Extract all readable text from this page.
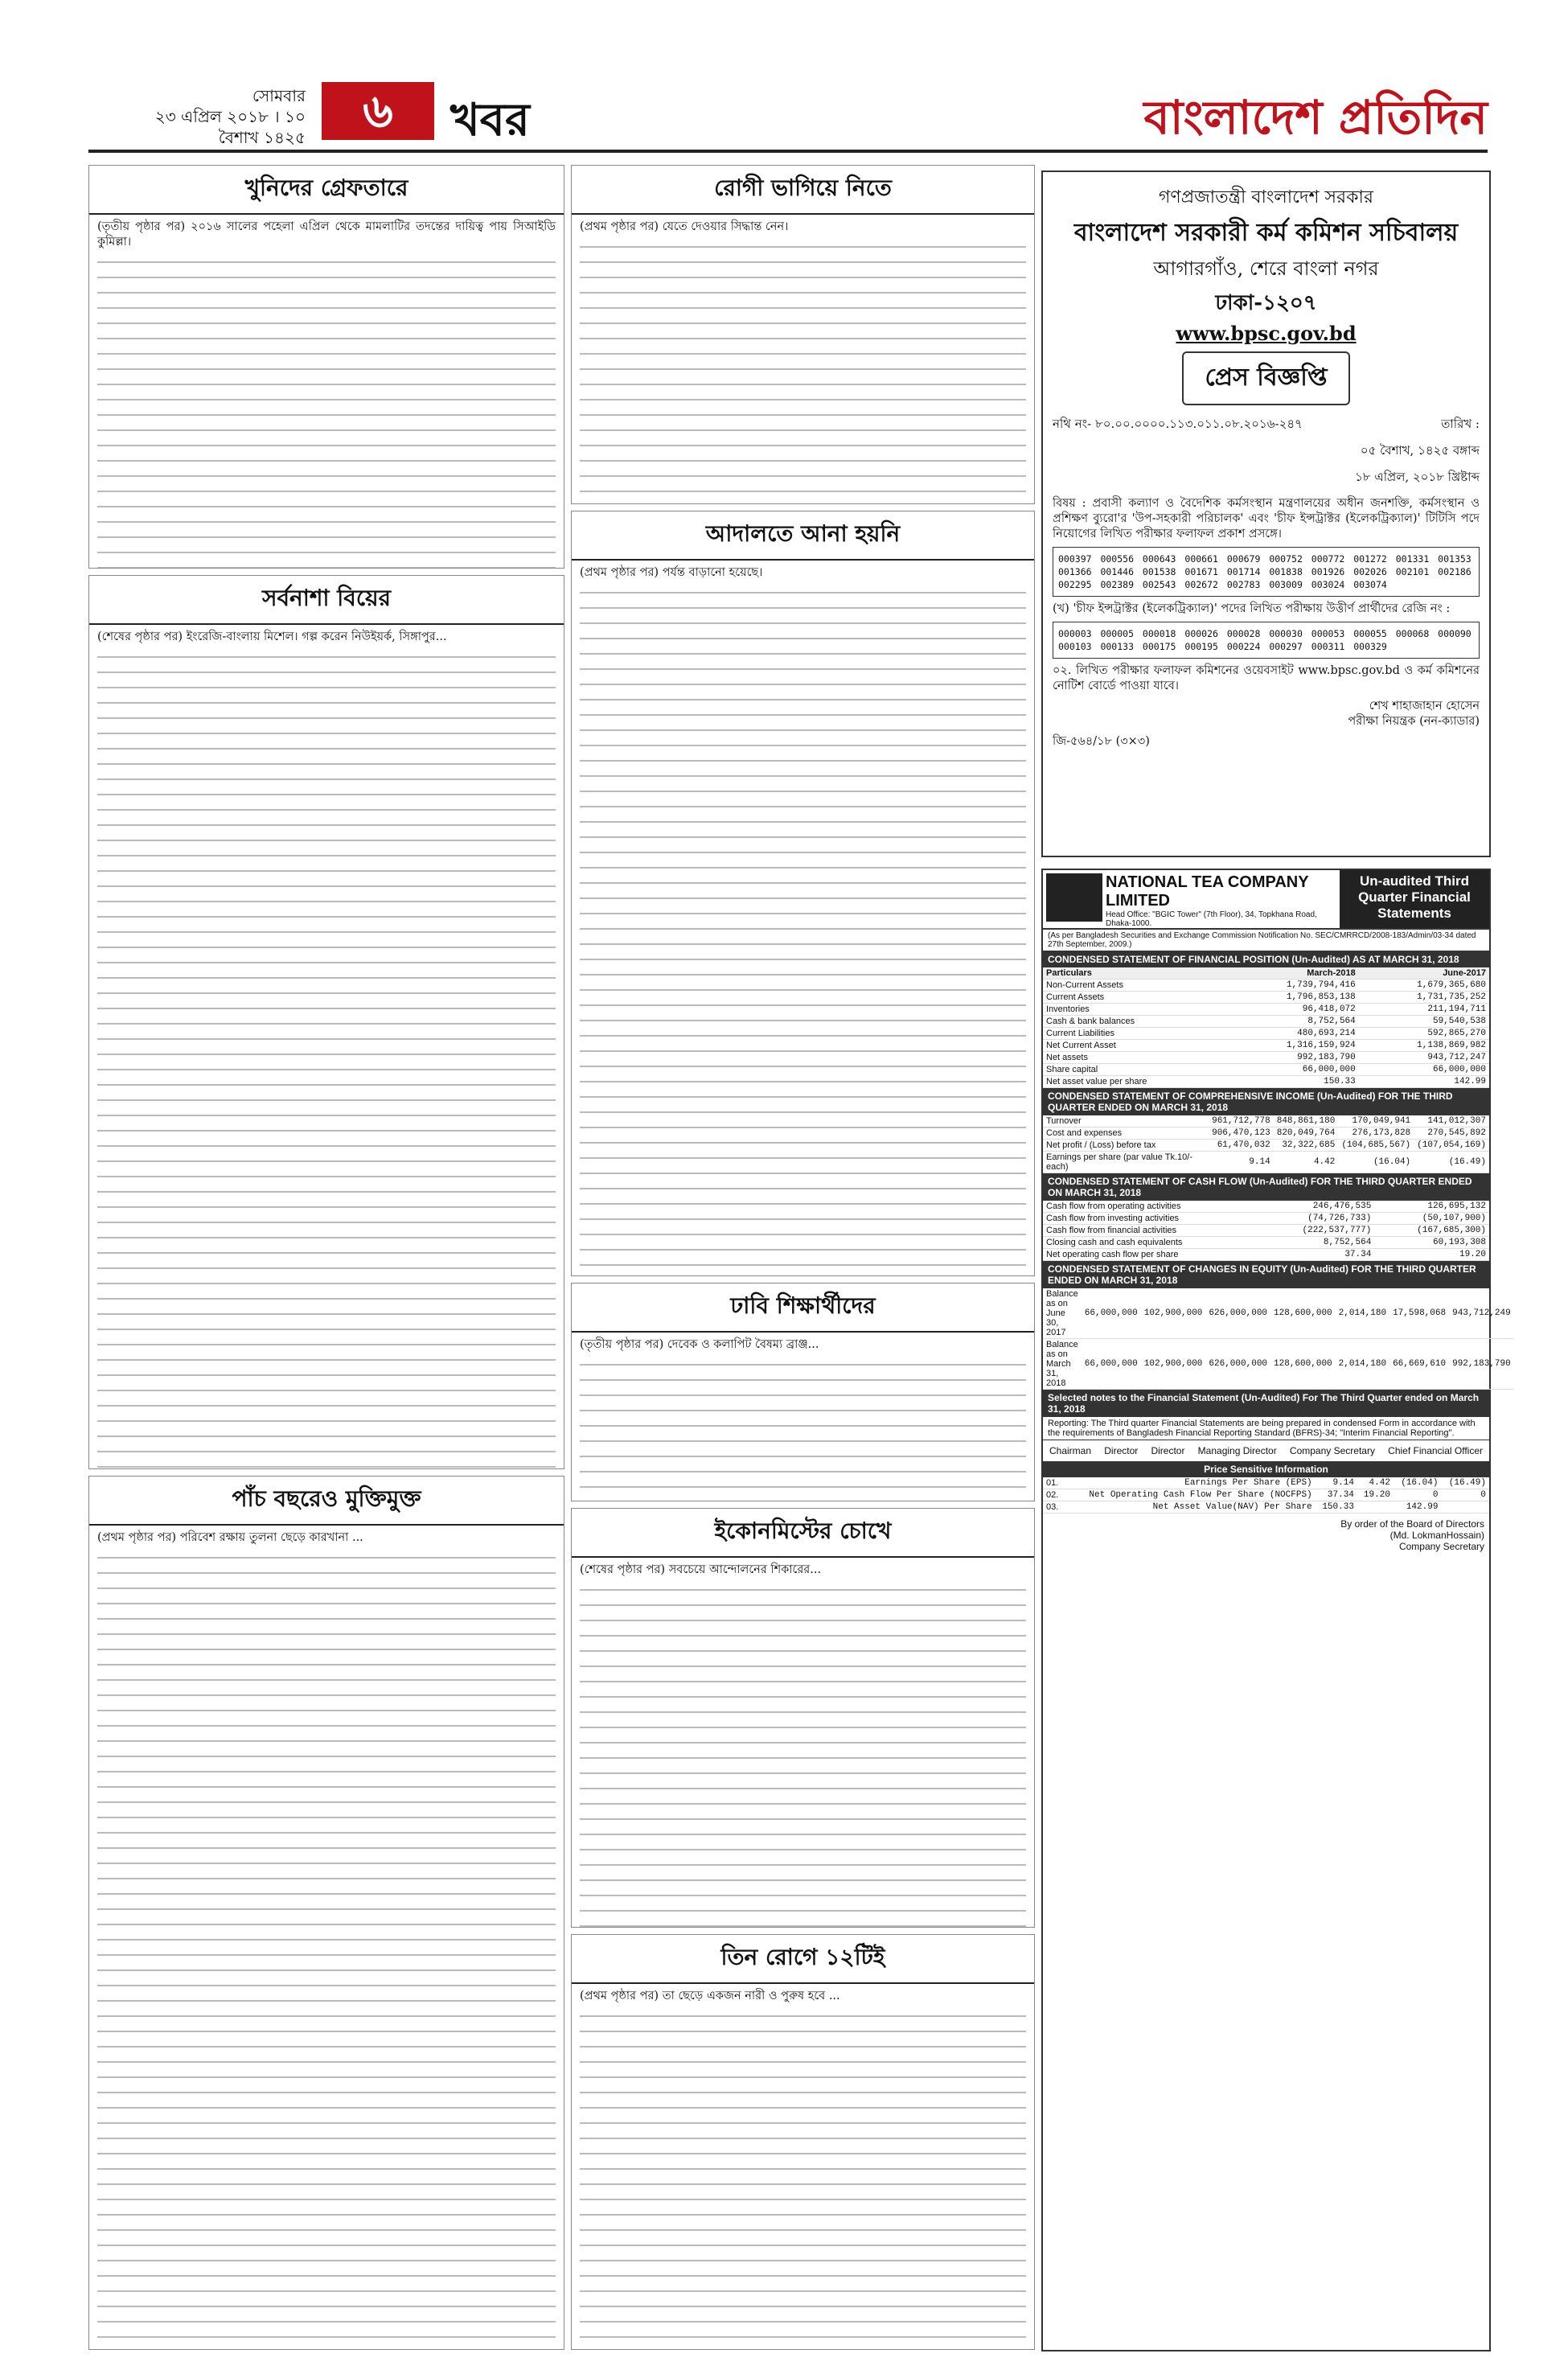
সোমবার
২৩ এপ্রিল ২০১৮ । ১০ বৈশাখ ১৪২৫	৬	খবর	বাংলাদেশ প্রতিদিন
খুনিদের গ্রেফতারে

(তৃতীয় পৃষ্ঠার পর) ২০১৬ সালের পহেলা এপ্রিল থেকে মামলাটির তদন্তের দায়িত্ব পায় সিআইডি কুমিল্লা।

সর্বনাশা বিয়ের

(শেষের পৃষ্ঠার পর) ইংরেজি-বাংলায় মিশেল। গল্প করেন নিউইয়র্ক, সিঙ্গাপুর...

পাঁচ বছরেও মুক্তিমুক্ত

(প্রথম পৃষ্ঠার পর) পরিবেশ রক্ষায় তুলনা ছেড়ে কারখানা ...

রোগী ভাগিয়ে নিতে

(প্রথম পৃষ্ঠার পর) যেতে দেওয়ার সিদ্ধান্ত নেন।

আদালতে আনা হয়নি

(প্রথম পৃষ্ঠার পর) পর্যন্ত বাড়ানো হয়েছে।

ঢাবি শিক্ষার্থীদের

(তৃতীয় পৃষ্ঠার পর) দেবেক ও কলাপিট বৈষম্য ব্রাঞ্জ...

ইকোনমিস্টের চোখে

(শেষের পৃষ্ঠার পর) সবচেয়ে আন্দোলনের শিকারের...

তিন রোগে ১২টিই

(প্রথম পৃষ্ঠার পর) তা ছেড়ে একজন নারী ও পুরুষ হবে ...

গণপ্রজাতন্ত্রী বাংলাদেশ সরকার
বাংলাদেশ সরকারী কর্ম কমিশন সচিবালয়
আগারগাঁও, শেরে বাংলা নগর
ঢাকা-১২০৭
www.bpsc.gov.bd
প্রেস বিজ্ঞপ্তি
নথি নং- ৮০.০০.০০০০.১১৩.০১১.০৮.২০১৬-২৪৭	তারিখ :
০৫ বৈশাখ, ১৪২৫ বঙ্গাব্দ
১৮ এপ্রিল, ২০১৮ খ্রিষ্টাব্দ
বিষয় : প্রবাসী কল্যাণ ও বৈদেশিক কর্মসংস্থান মন্ত্রণালয়ের অধীন জনশক্তি, কর্মসংস্থান ও প্রশিক্ষণ ব্যুরো'র 'উপ-সহকারী পরিচালক' এবং 'চীফ ইন্সট্রাক্টর (ইলেকট্রিক্যাল)' টিটিসি পদে নিয়োগের লিখিত পরীক্ষার ফলাফল প্রকাশ প্রসঙ্গে।
000397 000556 000643 000661 000679 000752 000772 001272 001331 001353 001366 001446 001538 001671 001714 001838 001926 002026 002101 002186 002295 002389 002543 002672 002783 003009 003024 003074
(খ) 'চীফ ইন্সট্রাক্টর (ইলেকট্রিক্যাল)' পদের লিখিত পরীক্ষায় উত্তীর্ণ প্রার্থীদের রেজি নং :
000003 000005 000018 000026 000028 000030 000053 000055 000068 000090 000103 000133 000175 000195 000224 000297 000311 000329
০২. লিখিত পরীক্ষার ফলাফল কমিশনের ওয়েবসাইট www.bpsc.gov.bd ও কর্ম কমিশনের নোটিশ বোর্ডে পাওয়া যাবে।
শেখ শাহাজাহান হোসেন
পরীক্ষা নিয়ন্ত্রক (নন-ক্যাডার)
জি-৫৬৪/১৮ (৩×৩)
NATIONAL TEA COMPANY LIMITED
Head Office: "BGIC Tower" (7th Floor), 34, Topkhana Road, Dhaka-1000.
Un-audited Third Quarter Financial Statements
(As per Bangladesh Securities and Exchange Commission Notification No. SEC/CMRRCD/2008-183/Admin/03-34 dated 27th September, 2009.)
CONDENSED STATEMENT OF FINANCIAL POSITION (Un-Audited) AS AT MARCH 31, 2018
Particulars	March-2018	June-2017
Non-Current Assets	1,739,794,416	1,679,365,680
Current Assets	1,796,853,138	1,731,735,252
Inventories	96,418,072	211,194,711
Cash & bank balances	8,752,564	59,540,538
Current Liabilities	480,693,214	592,865,270
Net Current Asset	1,316,159,924	1,138,869,982
Net assets	992,183,790	943,712,247
Share capital	66,000,000	66,000,000
Net asset value per share	150.33	142.99
CONDENSED STATEMENT OF COMPREHENSIVE INCOME (Un-Audited) FOR THE THIRD QUARTER ENDED ON MARCH 31, 2018
Turnover	961,712,778	848,861,180	170,049,941	141,012,307
Cost and expenses	906,470,123	820,049,764	276,173,828	270,545,892
Net profit / (Loss) before tax	61,470,032	32,322,685	(104,685,567)	(107,054,169)
Earnings per share (par value Tk.10/-each)	9.14	4.42	(16.04)	(16.49)
CONDENSED STATEMENT OF CASH FLOW (Un-Audited) FOR THE THIRD QUARTER ENDED ON MARCH 31, 2018
Cash flow from operating activities	246,476,535	126,695,132
Cash flow from investing activities	(74,726,733)	(50,107,900)
Cash flow from financial activities	(222,537,777)	(167,685,300)
Closing cash and cash equivalents	8,752,564	60,193,308
Net operating cash flow per share	37.34	19.20
CONDENSED STATEMENT OF CHANGES IN EQUITY (Un-Audited) FOR THE THIRD QUARTER ENDED ON MARCH 31, 2018
Balance as on June 30, 2017	66,000,000	102,900,000	626,000,000	128,600,000	2,014,180	17,598,068	943,712,249
Balance as on March 31, 2018	66,000,000	102,900,000	626,000,000	128,600,000	2,014,180	66,669,610	992,183,790
Selected notes to the Financial Statement (Un-Audited) For The Third Quarter ended on March 31, 2018
Reporting: The Third quarter Financial Statements are being prepared in condensed Form in accordance with the requirements of Bangladesh Financial Reporting Standard (BFRS)-34; "Interim Financial Reporting".
Chairman Director Director Managing Director Company Secretary Chief Financial Officer
Price Sensitive Information
01.	Earnings Per Share (EPS)	9.14	4.42	(16.04)	(16.49)
02.	Net Operating Cash Flow Per Share (NOCFPS)	37.34	19.20	0	0
03.	Net Asset Value(NAV) Per Share	150.33		142.99	
By order of the Board of Directors
(Md. LokmanHossain)
Company Secretary
